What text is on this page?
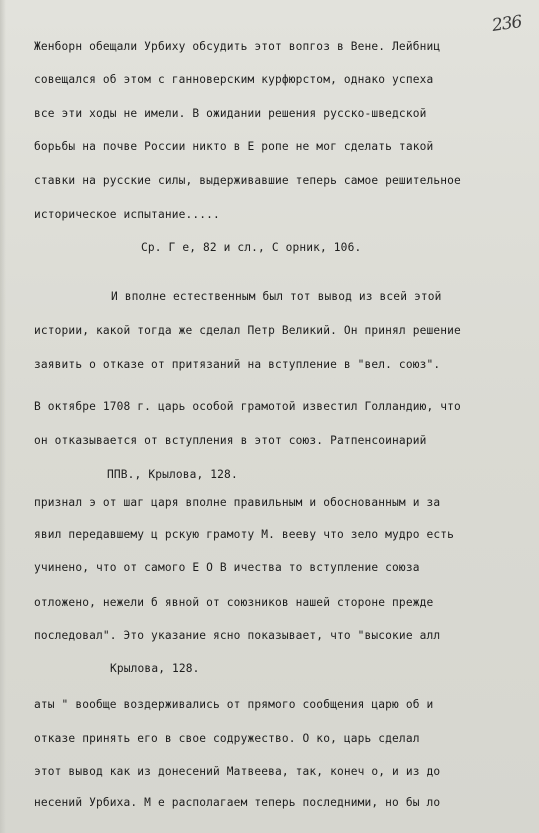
236
Женборн обещали Урбиху обсудить этот вопгоз в Вене. Лейбниц
совещался об этом с ганноверским курфюрстом, однако успеха
все эти ходы не имели. В ожидании решения русско-шведской
борьбы на почве России никто в Е ропе не мог сделать такой
ставки на русские силы, выдерживавшие теперь самое решительное
историческое испытание.....
Ср. Г е, 82 и сл., С орник, 106.
И вполне естественным был тот вывод из всей этой
истории, какой тогда же сделал Петр Великий. Он принял решение
заявить о отказе от притязаний на вступление в "вел. союз".
В октябре 1708 г. царь особой грамотой известил Голландию, что
он отказывается от вступления в этот союз. Ратпенсоинарий
ППВ., Крылова, 128.
признал э от шаг царя вполне правильным и обоснованным и за
явил передавшему ц рскую грамоту М. вееву что зело мудро есть
учинено, что от самого Е О В ичества то вступление союза
отложено, нежели б явной от союзников нашей стороне прежде
последовал". Это указание ясно показывает, что "высокие алл
Крылова, 128.
аты " вообще воздерживались от прямого сообщения царю об и
отказе принять его в свое содружество. О ко, царь сделал
этот вывод как из донесений Матвеева, так, конеч о, и из до
несений Урбиха. М е располагаем теперь последними, но бы ло
